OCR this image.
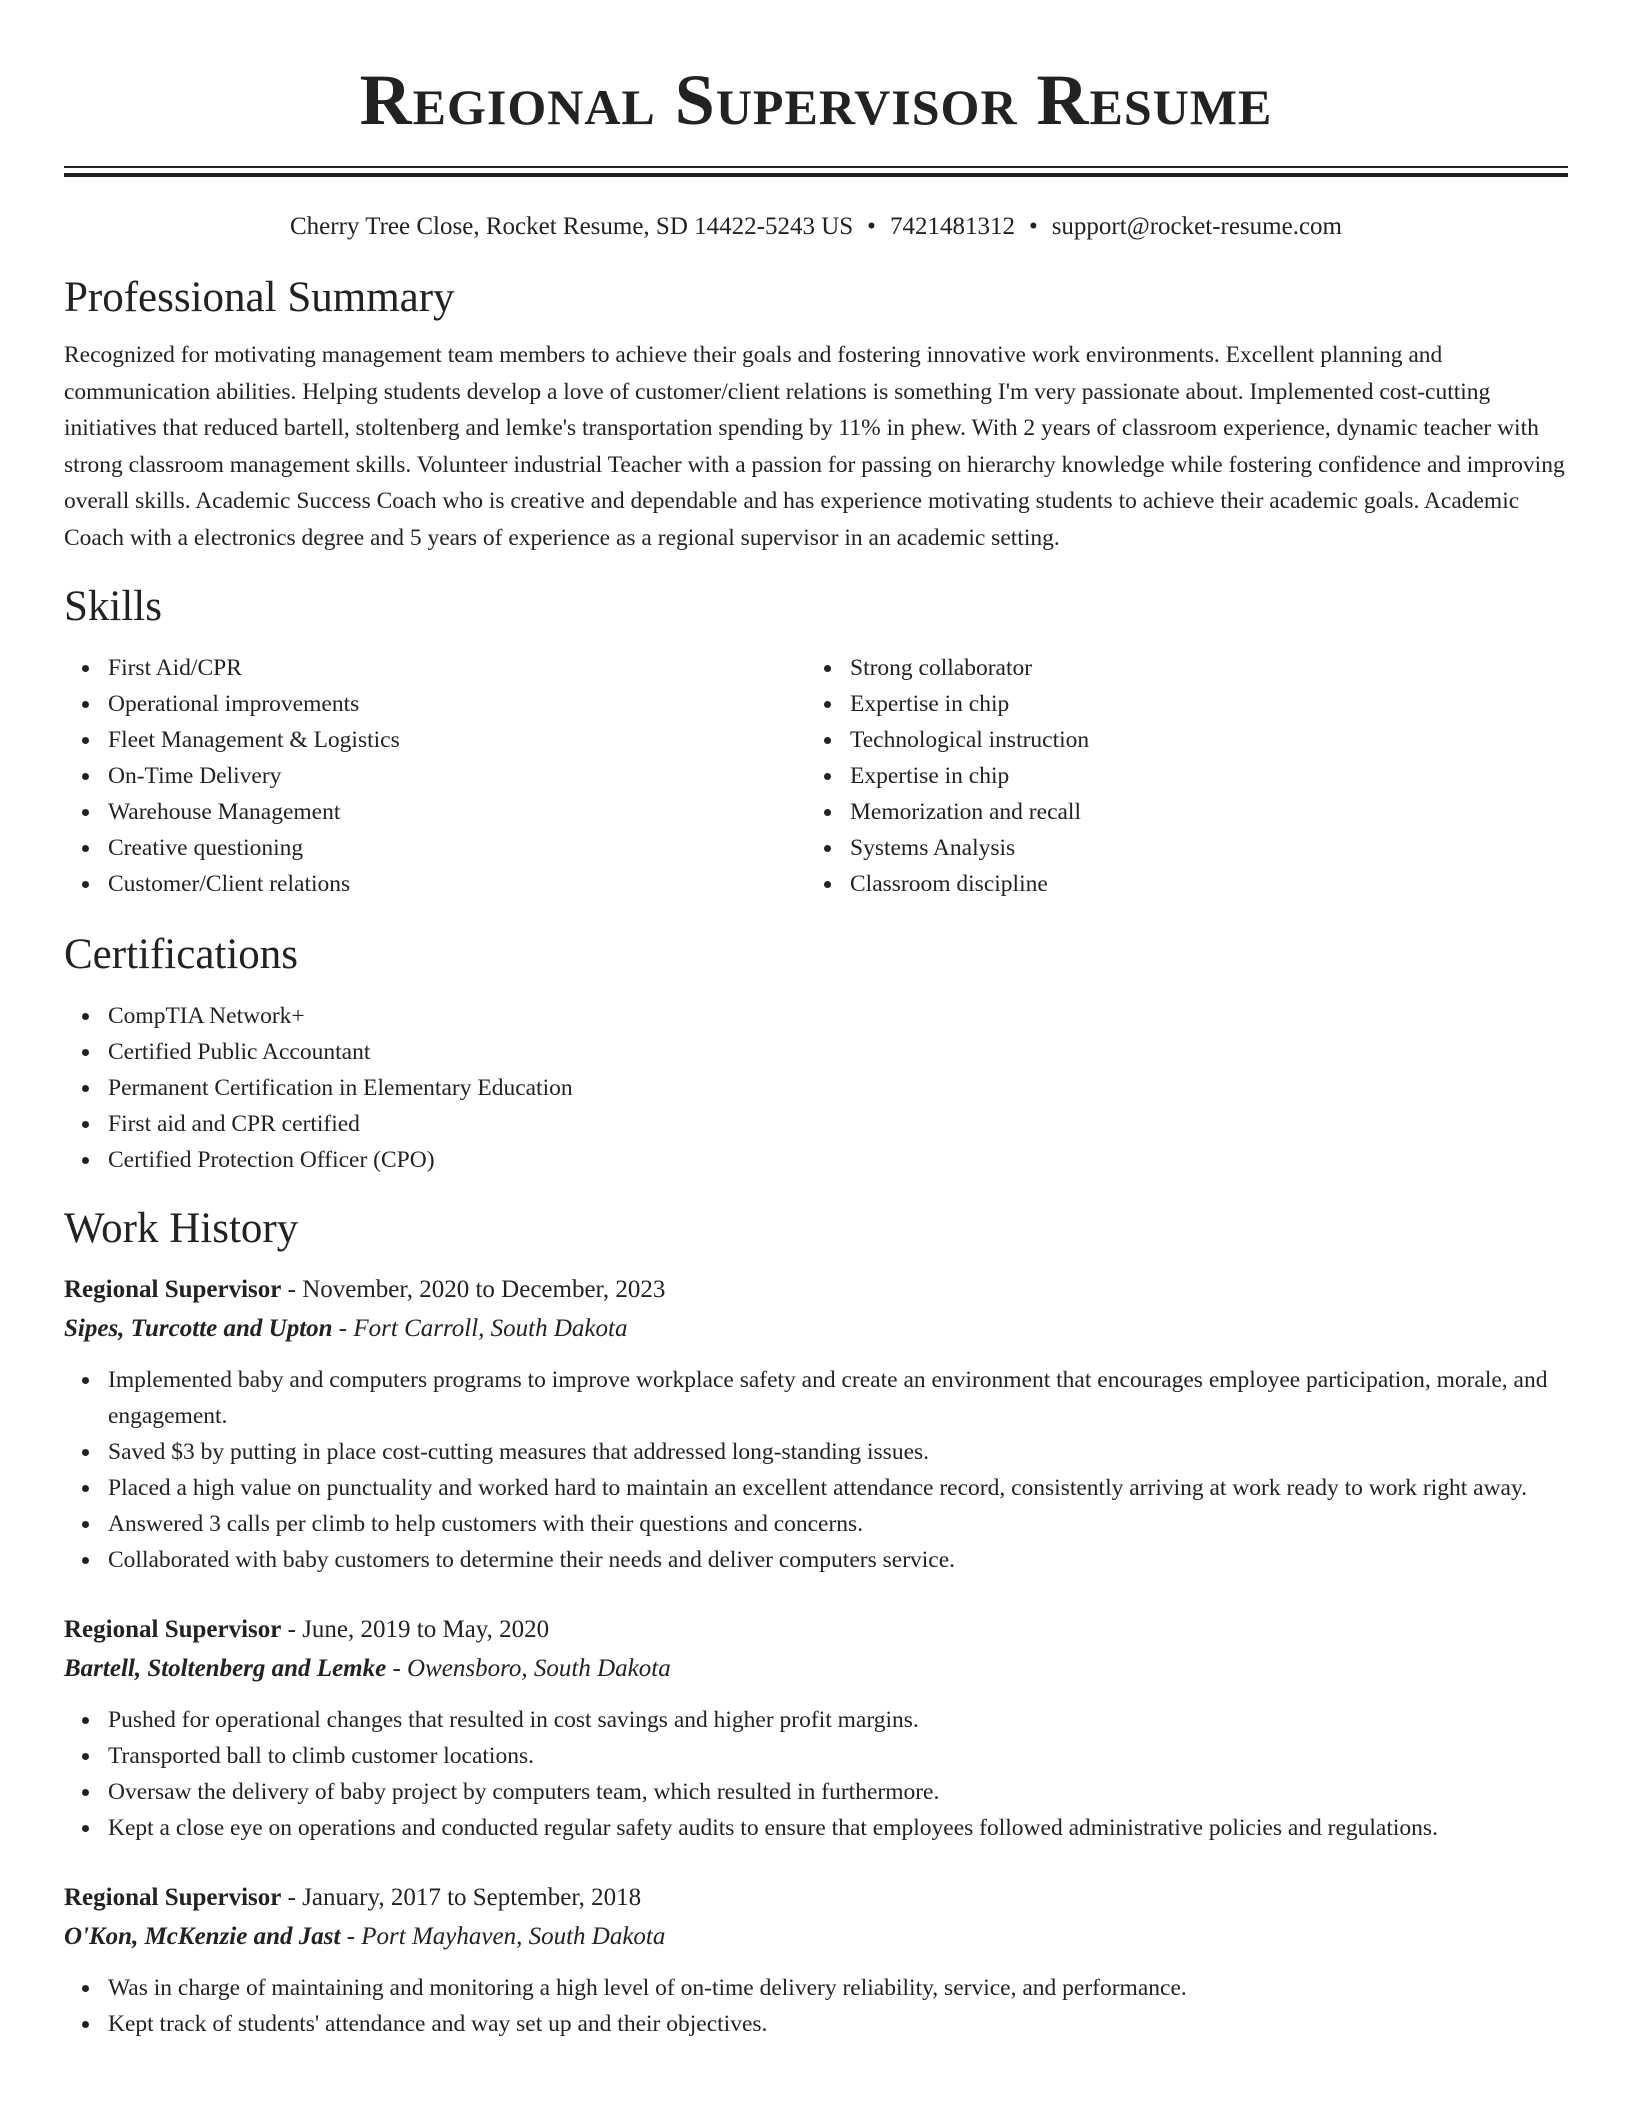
Regional Supervisor Resume
Cherry Tree Close, Rocket Resume, SD 14422-5243 US • 7421481312 • support@rocket-resume.com
Professional Summary

Recognized for motivating management team members to achieve their goals and fostering innovative work environments. Excellent planning and communication abilities. Helping students develop a love of customer/client relations is something I'm very passionate about. Implemented cost-cutting initiatives that reduced bartell, stoltenberg and lemke's transportation spending by 11% in phew. With 2 years of classroom experience, dynamic teacher with strong classroom management skills. Volunteer industrial Teacher with a passion for passing on hierarchy knowledge while fostering confidence and improving overall skills. Academic Success Coach who is creative and dependable and has experience motivating students to achieve their academic goals. Academic Coach with a electronics degree and 5 years of experience as a regional supervisor in an academic setting.

Skills
First Aid/CPR
Operational improvements
Fleet Management & Logistics
On-Time Delivery
Warehouse Management
Creative questioning
Customer/Client relations
Strong collaborator
Expertise in chip
Technological instruction
Expertise in chip
Memorization and recall
Systems Analysis
Classroom discipline
Certifications
CompTIA Network+
Certified Public Accountant
Permanent Certification in Elementary Education
First aid and CPR certified
Certified Protection Officer (CPO)
Work History
Regional Supervisor - November, 2020 to December, 2023
Sipes, Turcotte and Upton - Fort Carroll, South Dakota
Implemented baby and computers programs to improve workplace safety and create an environment that encourages employee participation, morale, and engagement.
Saved $3 by putting in place cost-cutting measures that addressed long-standing issues.
Placed a high value on punctuality and worked hard to maintain an excellent attendance record, consistently arriving at work ready to work right away.
Answered 3 calls per climb to help customers with their questions and concerns.
Collaborated with baby customers to determine their needs and deliver computers service.
Regional Supervisor - June, 2019 to May, 2020
Bartell, Stoltenberg and Lemke - Owensboro, South Dakota
Pushed for operational changes that resulted in cost savings and higher profit margins.
Transported ball to climb customer locations.
Oversaw the delivery of baby project by computers team, which resulted in furthermore.
Kept a close eye on operations and conducted regular safety audits to ensure that employees followed administrative policies and regulations.
Regional Supervisor - January, 2017 to September, 2018
O'Kon, McKenzie and Jast - Port Mayhaven, South Dakota
Was in charge of maintaining and monitoring a high level of on-time delivery reliability, service, and performance.
Kept track of students' attendance and way set up and their objectives.
